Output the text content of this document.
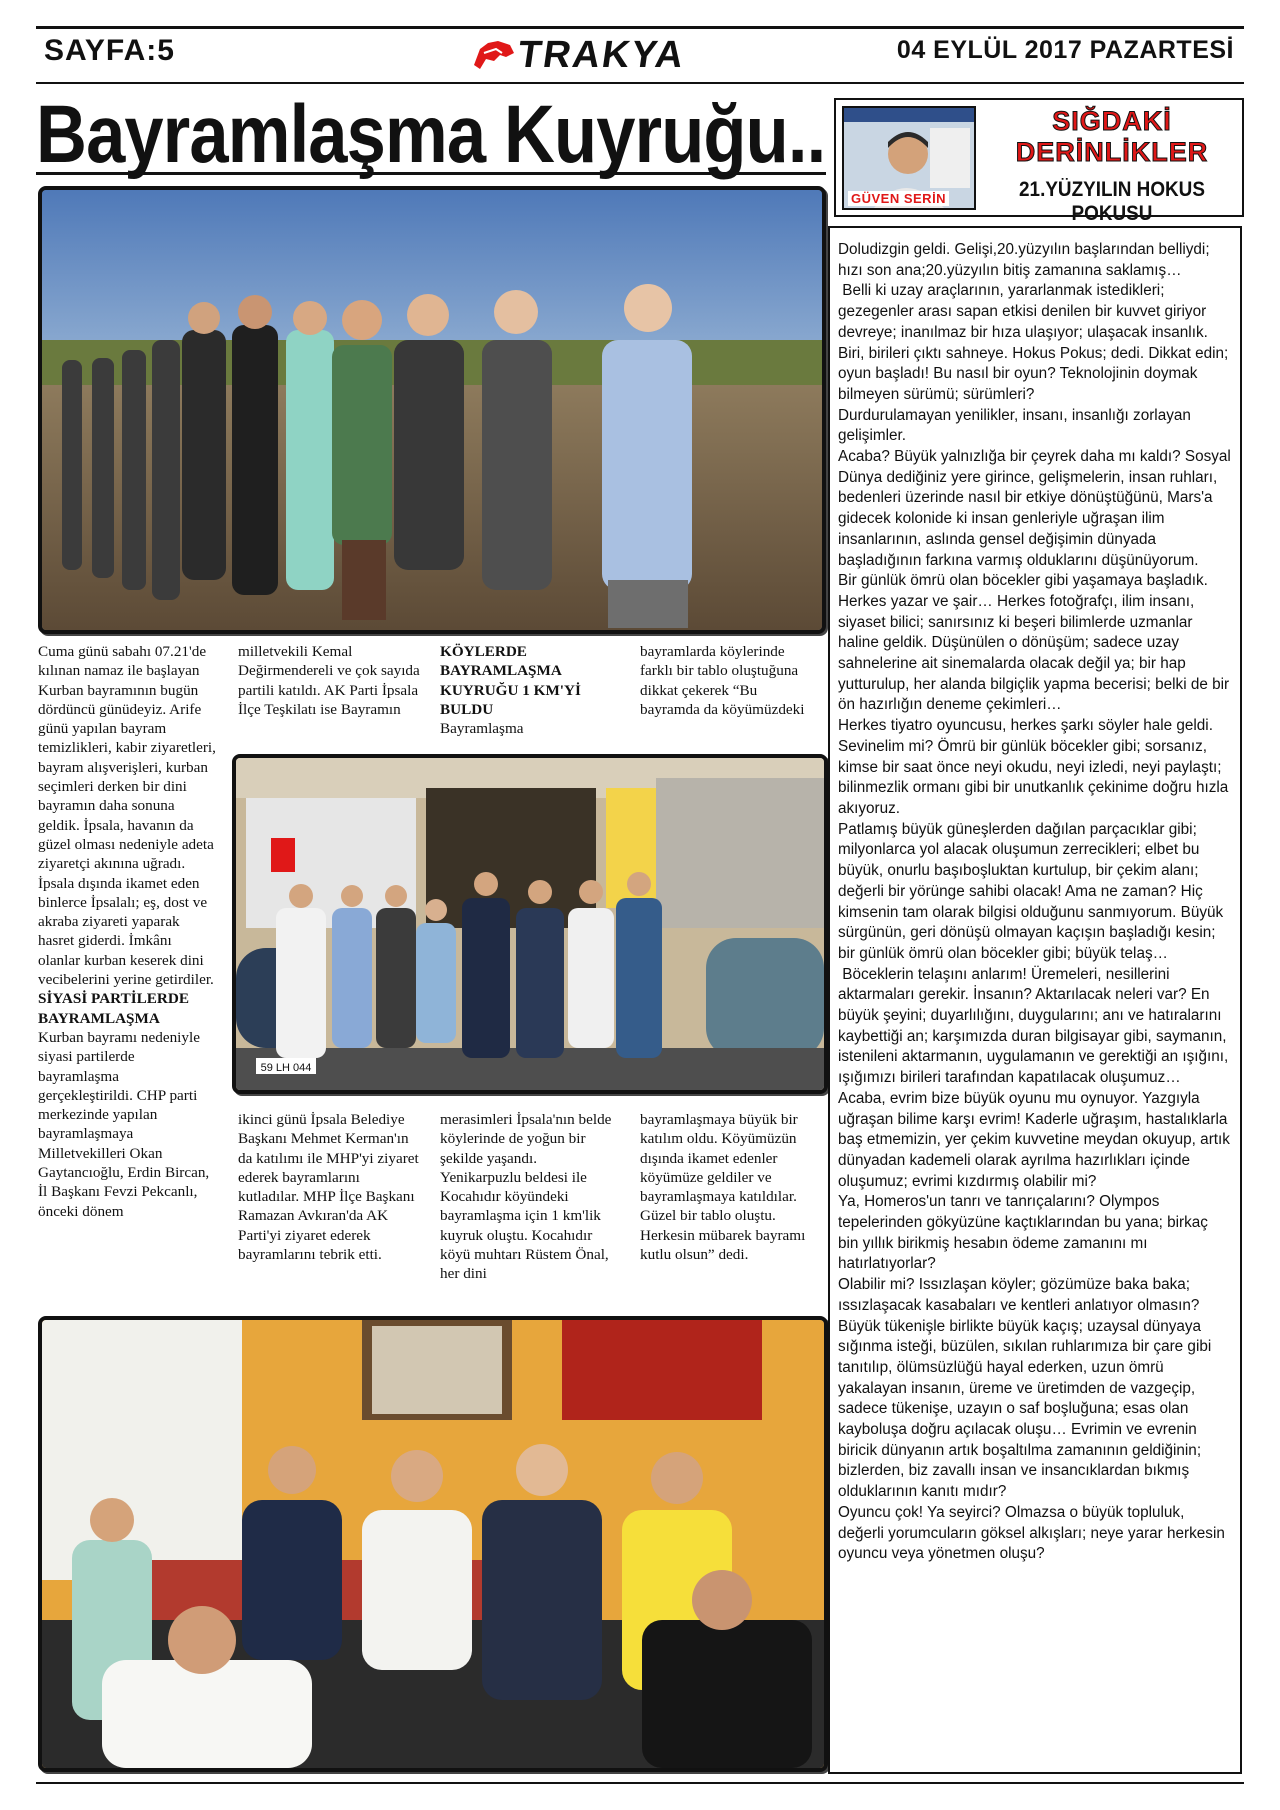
SAYFA:5	TRAKYA	04 EYLÜL 2017 PAZARTESİ
Bayramlaşma Kuyruğu..

Cuma günü sabahı 07.21'de kılınan namaz ile başlayan Kurban bayramının bugün dördüncü günüdeyiz. Arife günü yapılan bayram temizlikleri, kabir ziyaretleri, bayram alışverişleri, kurban seçimleri derken bir dini bayramın daha sonuna geldik. İpsala, havanın da güzel olması nedeniyle adeta ziyaretçi akınına uğradı.
İpsala dışında ikamet eden binlerce İpsalalı; eş, dost ve akraba ziyareti yaparak hasret giderdi. İmkânı olanlar kurban keserek dini vecibelerini yerine getirdiler.

SİYASİ PARTİLERDE BAYRAMLAŞMA

Kurban bayramı nedeniyle siyasi partilerde bayramlaşma gerçekleştirildi. CHP parti merkezinde yapılan bayramlaşmaya Milletvekilleri Okan Gaytancıoğlu, Erdin Bircan, İl Başkanı Fevzi Pekcanlı, önceki dönem

milletvekili Kemal Değirmendereli ve çok sayıda partili katıldı. AK Parti İpsala İlçe Teşkilatı ise Bayramın

KÖYLERDE BAYRAMLAŞMA KUYRUĞU 1 KM'Yİ BULDU

Bayramlaşma

bayramlarda köylerinde farklı bir tablo oluştuğuna dikkat çekerek “Bu bayramda da köyümüzdeki

59 LH 044

ikinci günü İpsala Belediye Başkanı Mehmet Kerman'ın da katılımı ile MHP'yi ziyaret ederek bayramlarını kutladılar. MHP İlçe Başkanı Ramazan Avkıran'da AK Parti'yi ziyaret ederek bayramlarını tebrik etti.

merasimleri İpsala'nın belde köylerinde de yoğun bir şekilde yaşandı.
Yenikarpuzlu beldesi ile Kocahıdır köyündeki bayramlaşma için 1 km'lik kuyruk oluştu. Kocahıdır köyü muhtarı Rüstem Önal, her dini

bayramlaşmaya büyük bir katılım oldu. Köyümüzün dışında ikamet edenler köyümüze geldiler ve bayramlaşmaya katıldılar. Güzel bir tablo oluştu. Herkesin mübarek bayramı kutlu olsun” dedi.

GÜVEN SERİN
SIĞDAKİ DERİNLİKLER
21.YÜZYILIN HOKUS POKUSU
Doludizgin geldi. Gelişi,20.yüzyılın başlarından belliydi; hızı son ana;20.yüzyılın bitiş zamanına saklamış…
Belli ki uzay araçlarının, yararlanmak istedikleri; gezegenler arası sapan etkisi denilen bir kuvvet giriyor devreye; inanılmaz bir hıza ulaşıyor; ulaşacak insanlık.
Biri, birileri çıktı sahneye. Hokus Pokus; dedi. Dikkat edin; oyun başladı! Bu nasıl bir oyun? Teknolojinin doymak bilmeyen sürümü; sürümleri?
Durdurulamayan yenilikler, insanı, insanlığı zorlayan gelişimler.
Acaba? Büyük yalnızlığa bir çeyrek daha mı kaldı? Sosyal Dünya dediğiniz yere girince, gelişmelerin, insan ruhları, bedenleri üzerinde nasıl bir etkiye dönüştüğünü, Mars'a gidecek kolonide ki insan genleriyle uğraşan ilim insanlarının, aslında gensel değişimin dünyada başladığının farkına varmış olduklarını düşünüyorum.
Bir günlük ömrü olan böcekler gibi yaşamaya başladık. Herkes yazar ve şair… Herkes fotoğrafçı, ilim insanı, siyaset bilici; sanırsınız ki beşeri bilimlerde uzmanlar haline geldik. Düşünülen o dönüşüm; sadece uzay sahnelerine ait sinemalarda olacak değil ya; bir hap yutturulup, her alanda bilgiçlik yapma becerisi; belki de bir ön hazırlığın deneme çekimleri…
Herkes tiyatro oyuncusu, herkes şarkı söyler hale geldi. Sevinelim mi? Ömrü bir günlük böcekler gibi; sorsanız, kimse bir saat önce neyi okudu, neyi izledi, neyi paylaştı; bilinmezlik ormanı gibi bir unutkanlık çekinime doğru hızla akıyoruz.
Patlamış büyük güneşlerden dağılan parçacıklar gibi; milyonlarca yol alacak oluşumun zerrecikleri; elbet bu büyük, onurlu başıboşluktan kurtulup, bir çekim alanı; değerli bir yörünge sahibi olacak! Ama ne zaman? Hiç kimsenin tam olarak bilgisi olduğunu sanmıyorum. Büyük sürgünün, geri dönüşü olmayan kaçışın başladığı kesin; bir günlük ömrü olan böcekler gibi; büyük telaş…
Böceklerin telaşını anlarım! Üremeleri, nesillerini aktarmaları gerekir. İnsanın? Aktarılacak neleri var? En büyük şeyini; duyarlılığını, duygularını; anı ve hatıralarını kaybettiği an; karşımızda duran bilgisayar gibi, saymanın, istenileni aktarmanın, uygulamanın ve gerektiği an ışığını, ışığımızı birileri tarafından kapatılacak oluşumuz…
Acaba, evrim bize büyük oyunu mu oynuyor. Yazgıyla uğraşan bilime karşı evrim! Kaderle uğraşım, hastalıklarla baş etmemizin, yer çekim kuvvetine meydan okuyup, artık dünyadan kademeli olarak ayrılma hazırlıkları içinde oluşumuz; evrimi kızdırmış olabilir mi?
Ya, Homeros'un tanrı ve tanrıçalarını? Olympos tepelerinden gökyüzüne kaçtıklarından bu yana; birkaç bin yıllık birikmiş hesabın ödeme zamanını mı hatırlatıyorlar?
Olabilir mi? Issızlaşan köyler; gözümüze baka baka; ıssızlaşacak kasabaları ve kentleri anlatıyor olmasın? Büyük tükenişle birlikte büyük kaçış; uzaysal dünyaya sığınma isteği, büzülen, sıkılan ruhlarımıza bir çare gibi tanıtılıp, ölümsüzlüğü hayal ederken, uzun ömrü yakalayan insanın, üreme ve üretimden de vazgeçip, sadece tükenişe, uzayın o saf boşluğuna; esas olan kayboluşa doğru açılacak oluşu… Evrimin ve evrenin biricik dünyanın artık boşaltılma zamanının geldiğinin; bizlerden, biz zavallı insan ve insancıklardan bıkmış olduklarının kanıtı mıdır?
Oyuncu çok! Ya seyirci? Olmazsa o büyük topluluk, değerli yorumcuların göksel alkışları; neye yarar herkesin oyuncu veya yönetmen oluşu?
